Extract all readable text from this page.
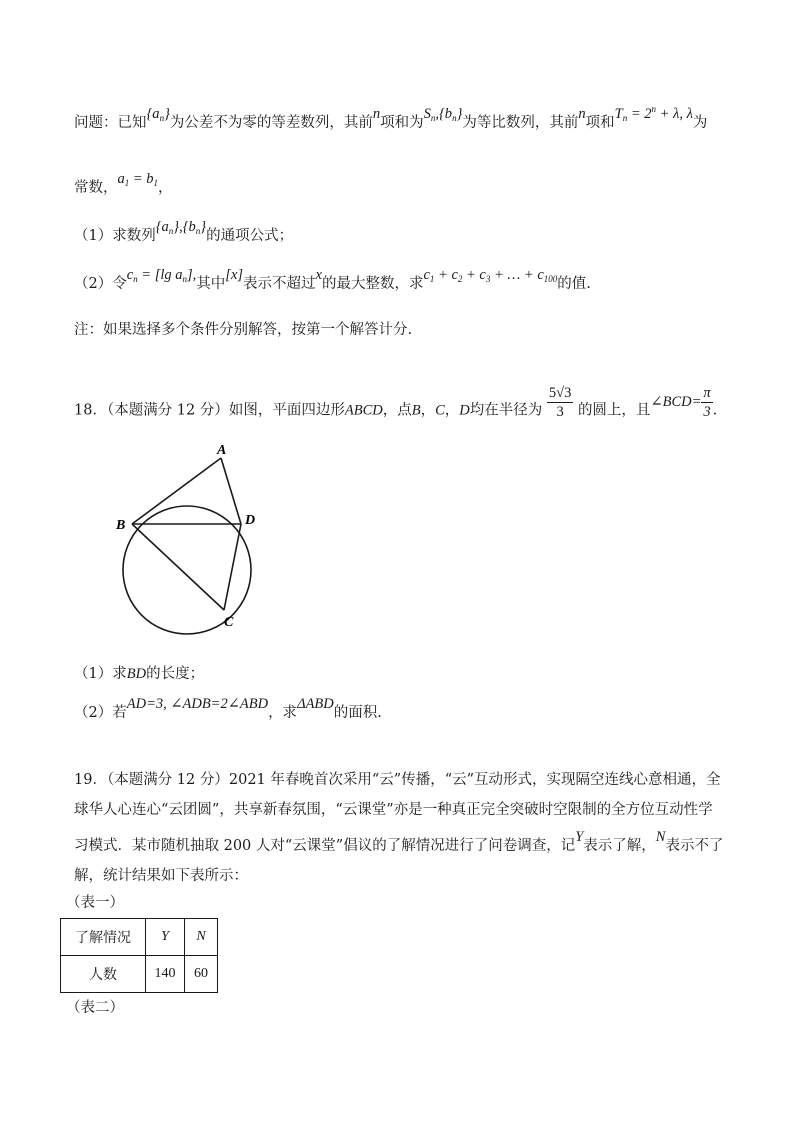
问题：已知$\{a_n\}$为公差不为零的等差数列，其前n项和为$S_n,\{b_n\}$为等比数列，其前n项和$T_n = 2^n + \lambda$, λ为
常数，$a_1 = b_1$，
（1）求数列$\{a_n\},\{b_n\}$的通项公式；
（2）令$c_n = [\lg$ $a_n$],其中[x]表示不超过x的最大整数，求$c_1 + c_2 + c_3$ + … + $c_{100}$的值.
注：如果选择多个条件分别解答，按第一个解答计分.
18．（本题满分 12 分）如图，平面四边形ABCD，点B，C，D均在半径为 $\frac{5√3}{3}$ 的圆上，且∠BCD= $\frac{\pi}{3}$ .
A
B	D
C
（1）求BD的长度；
（2）若AD=3, ∠ADB=2∠ABD，求ΔABD的面积.
19．（本题满分 12 分）2021 年春晚首次采用“云”传播，“云”互动形式，实现隔空连线心意相通，全
球华人心连心“云团圆”，共享新春氛围，“云课堂”亦是一种真正完全突破时空限制的全方位互动性学
习模式．某市随机抽取 200 人对“云课堂”倡议的了解情况进行了问卷调查，记Y表示了解，N表示不了
解，统计结果如下表所示：
（表一）
了解情况	Y	N
人数	140	60
（表二）
